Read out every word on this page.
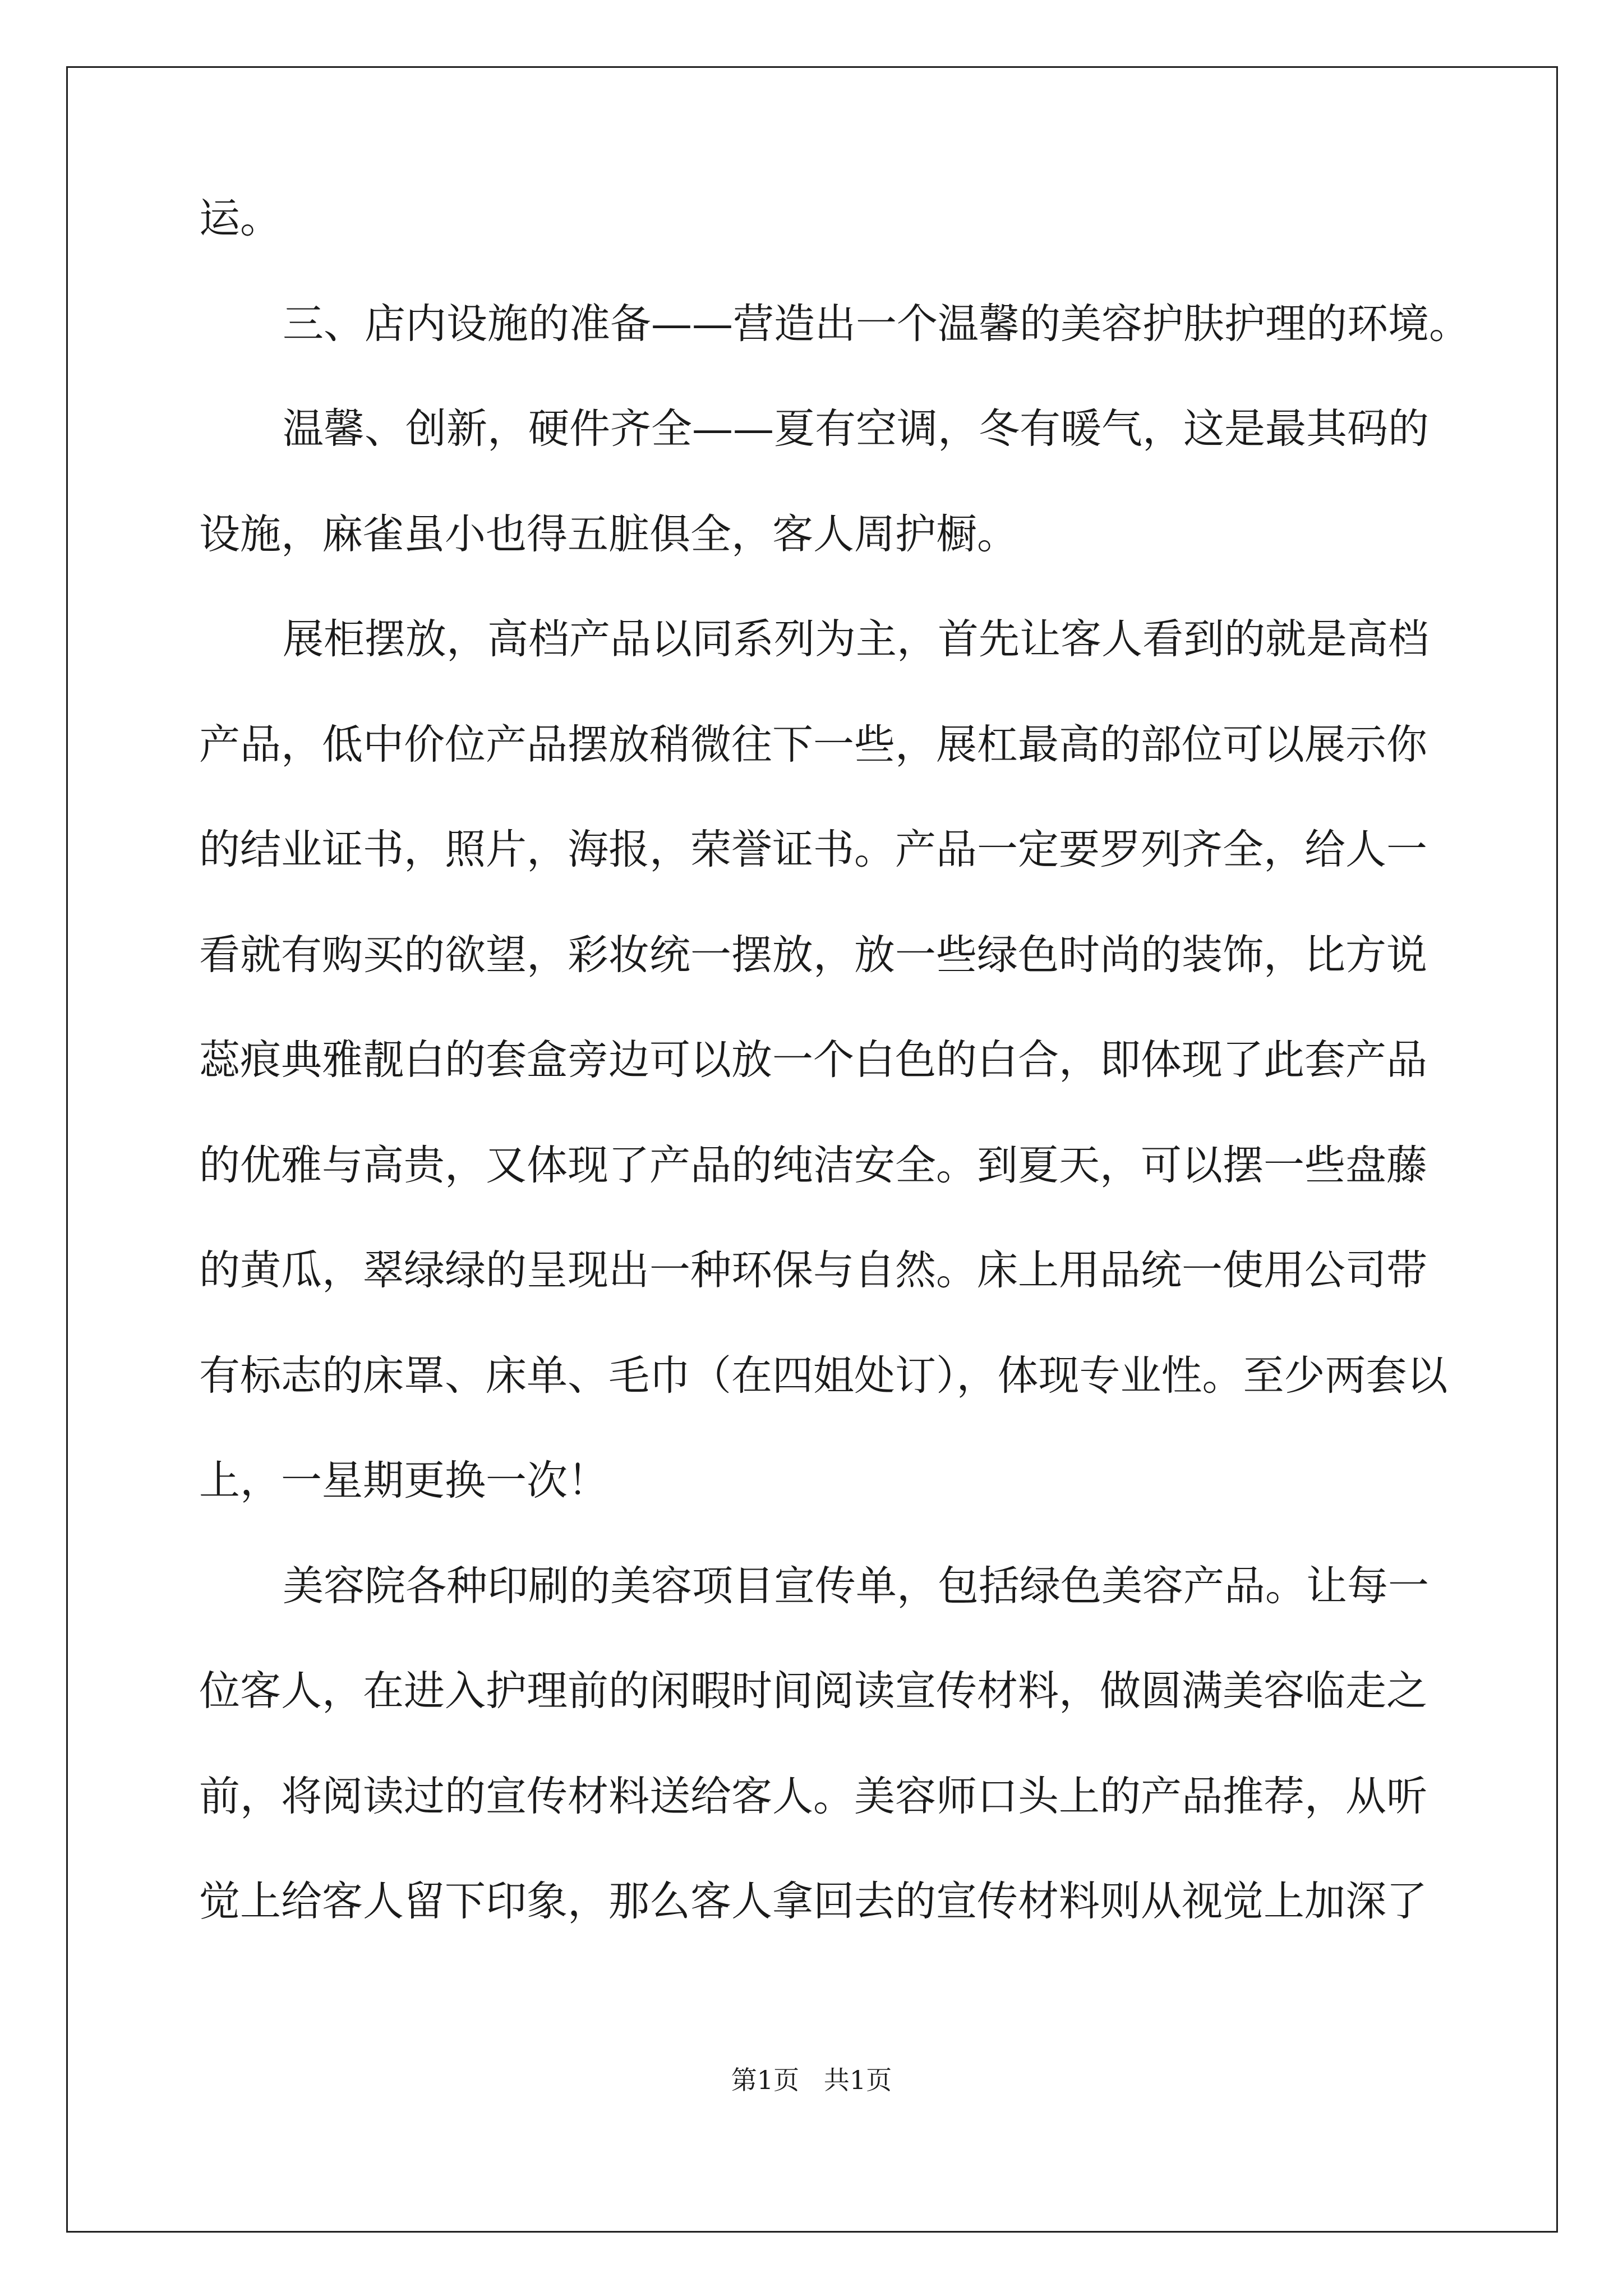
运。
三、店内设施的准备——营造出一个温馨的美容护肤护理的环境。
温馨、创新，硬件齐全——夏有空调，冬有暖气，这是最其码的
设施，麻雀虽小也得五脏俱全，客人周护橱。
展柜摆放，高档产品以同系列为主，首先让客人看到的就是高档
产品，低中价位产品摆放稍微往下一些，展杠最高的部位可以展示你
的结业证书，照片，海报，荣誉证书。产品一定要罗列齐全，给人一
看就有购买的欲望，彩妆统一摆放，放一些绿色时尚的装饰，比方说
蕊痕典雅靓白的套盒旁边可以放一个白色的白合，即体现了此套产品
的优雅与高贵，又体现了产品的纯洁安全。到夏天，可以摆一些盘藤
的黄瓜，翠绿绿的呈现出一种环保与自然。床上用品统一使用公司带
有标志的床罩、床单、毛巾（在四姐处订），体现专业性。至少两套以
上，一星期更换一次！
美容院各种印刷的美容项目宣传单，包括绿色美容产品。让每一
位客人，在进入护理前的闲暇时间阅读宣传材料，做圆满美容临走之
前，将阅读过的宣传材料送给客人。美容师口头上的产品推荐，从听
觉上给客人留下印象，那么客人拿回去的宣传材料则从视觉上加深了
第1页   共1页
